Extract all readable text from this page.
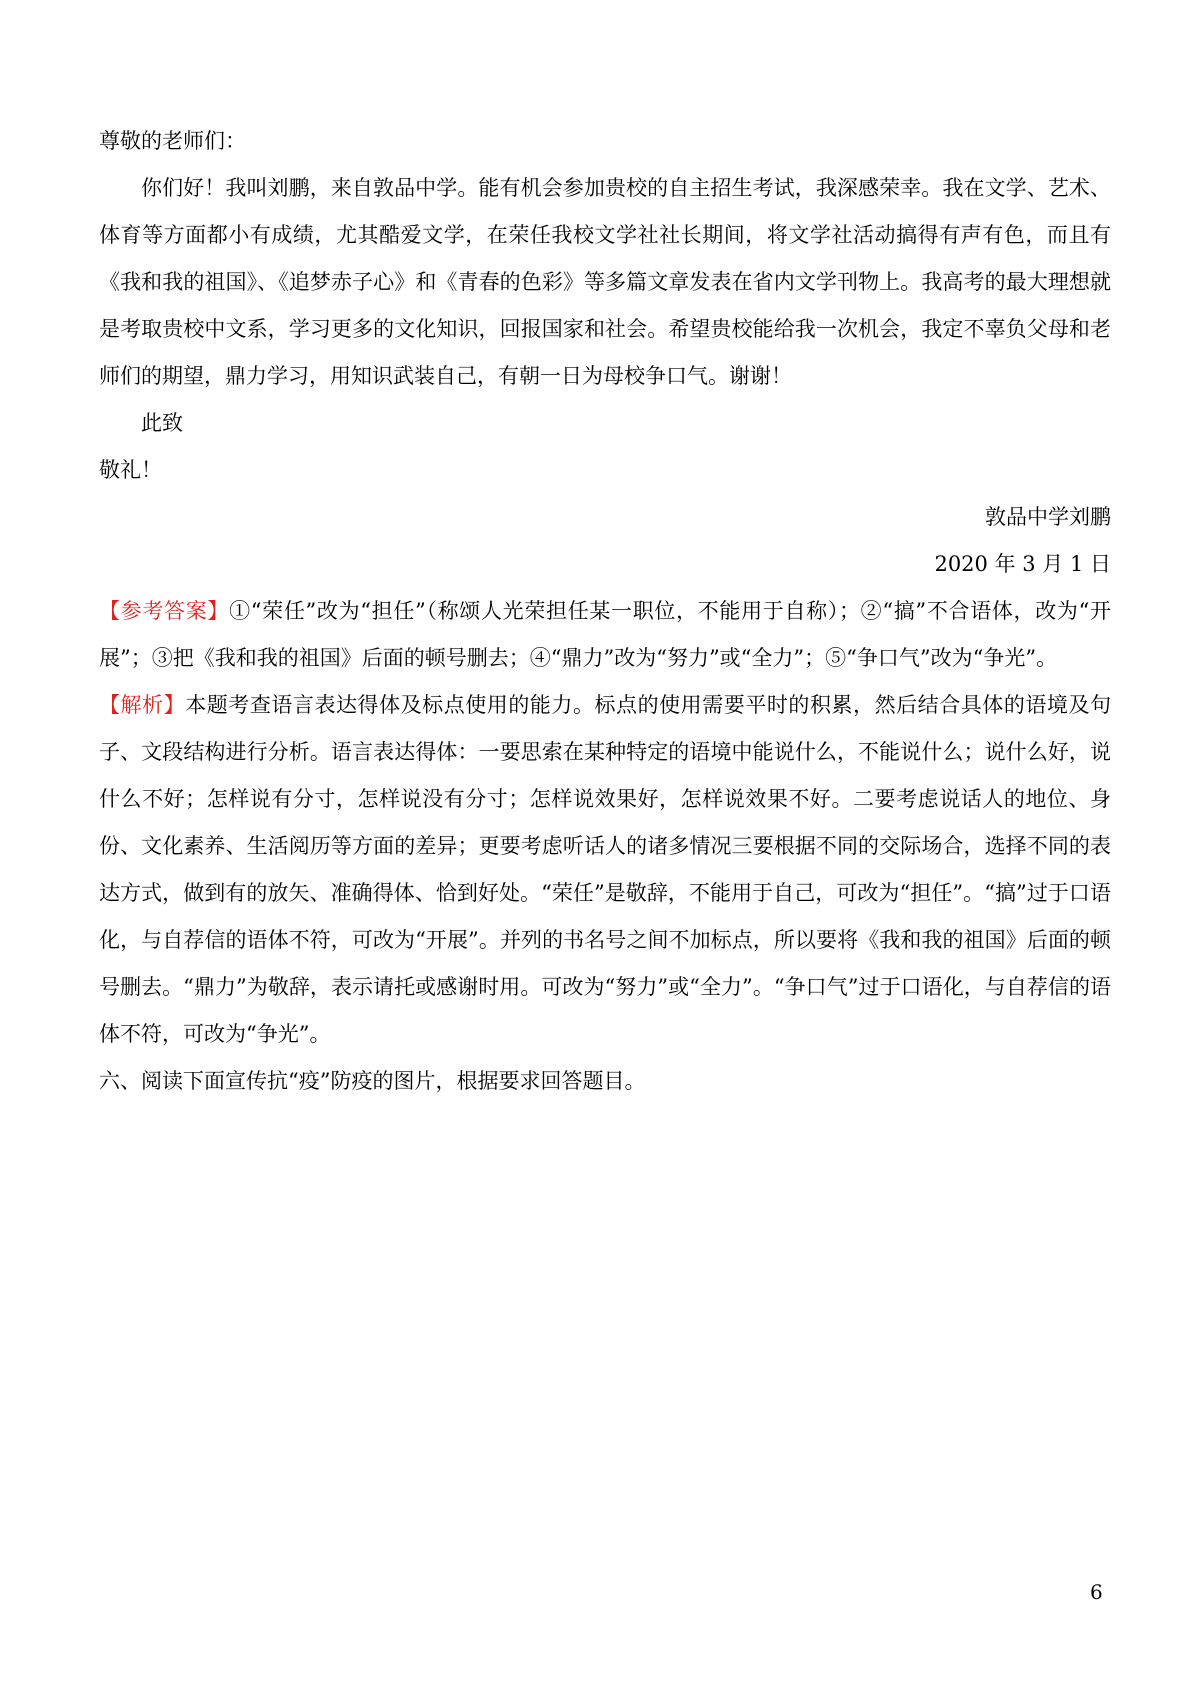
尊敬的老师们：

你们好！我叫刘鹏，来自敦品中学。能有机会参加贵校的自主招生考试，我深感荣幸。我在文学、艺术、体育等方面都小有成绩，尤其酷爱文学，在荣任我校文学社社长期间，将文学社活动搞得有声有色，而且有《我和我的祖国》、《追梦赤子心》和《青春的色彩》等多篇文章发表在省内文学刊物上。我高考的最大理想就是考取贵校中文系，学习更多的文化知识，回报国家和社会。希望贵校能给我一次机会，我定不辜负父母和老师们的期望，鼎力学习，用知识武装自己，有朝一日为母校争口气。谢谢！

此致

敬礼！

敦品中学刘鹏

2020 年 3 月 1 日

【参考答案】①“荣任”改为“担任”（称颂人光荣担任某一职位，不能用于自称）；②“搞”不合语体，改为“开展”；③把《我和我的祖国》后面的顿号删去；④“鼎力”改为“努力”或“全力”；⑤“争口气”改为“争光”。

【解析】本题考查语言表达得体及标点使用的能力。标点的使用需要平时的积累，然后结合具体的语境及句子、文段结构进行分析。语言表达得体：一要思索在某种特定的语境中能说什么，不能说什么；说什么好，说什么不好；怎样说有分寸，怎样说没有分寸；怎样说效果好，怎样说效果不好。二要考虑说话人的地位、身份、文化素养、生活阅历等方面的差异；更要考虑听话人的诸多情况三要根据不同的交际场合，选择不同的表达方式，做到有的放矢、准确得体、恰到好处。“荣任”是敬辞，不能用于自己，可改为“担任”。“搞”过于口语化，与自荐信的语体不符，可改为“开展”。并列的书名号之间不加标点，所以要将《我和我的祖国》后面的顿号删去。“鼎力”为敬辞，表示请托或感谢时用。可改为“努力”或“全力”。“争口气”过于口语化，与自荐信的语体不符，可改为“争光”。

六、阅读下面宣传抗“疫”防疫的图片，根据要求回答题目。

6
